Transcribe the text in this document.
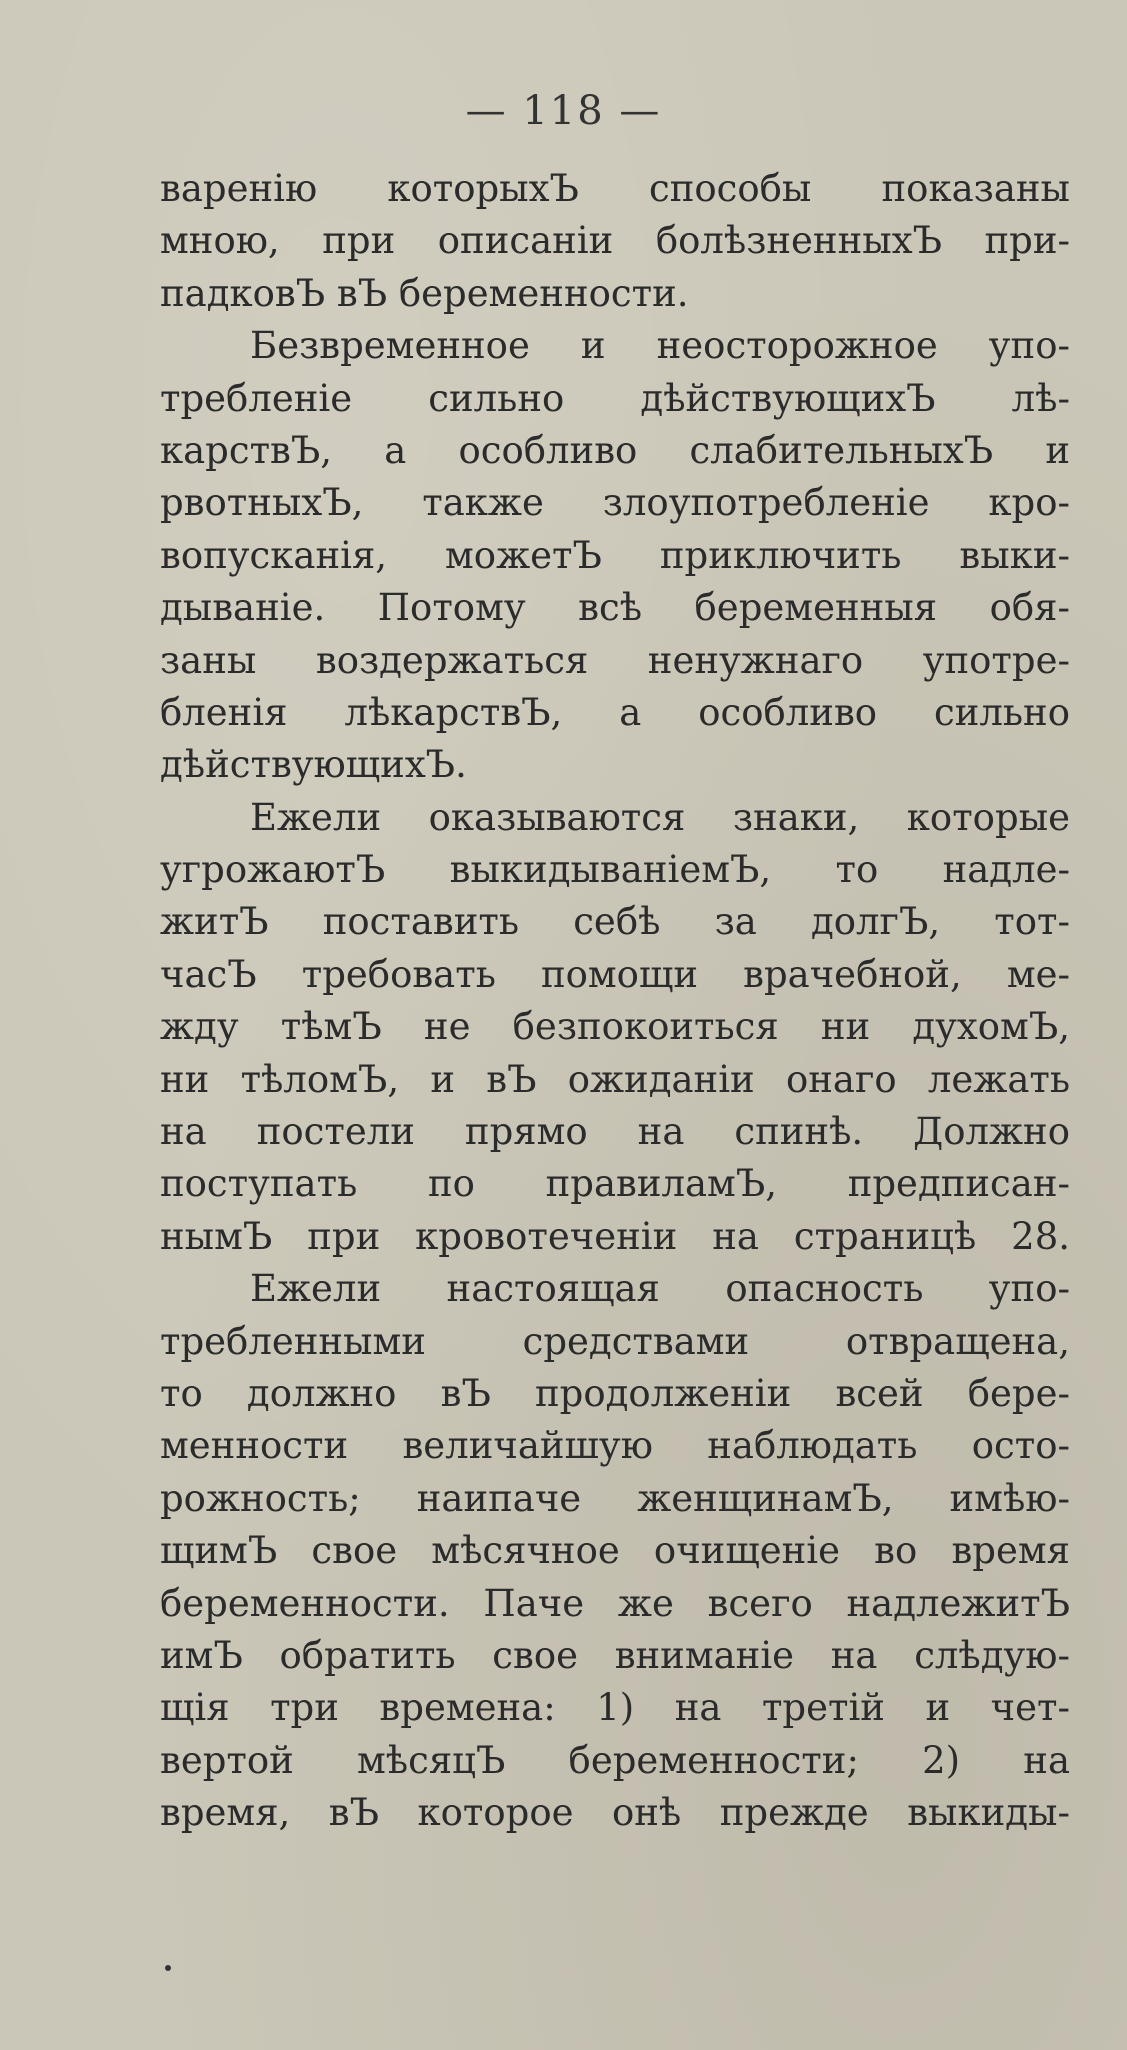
— 118 —
варенію которыхЪ способы показаны
мною, при описаніи болѣзненныхЪ при-
падковЪ вЪ беременности.
Безвременное и неосторожное упо-
требленіе сильно дѣйствующихЪ лѣ-
карствЪ, а особливо слабительныхЪ и
рвотныхЪ, также злоупотребленіе кро-
вопусканія, можетЪ приключить выки-
дываніе. Потому всѣ беременныя обя-
заны воздержаться ненужнаго употре-
бленія лѣкарствЪ, а особливо сильно
дѣйствующихЪ.
Ежели оказываются знаки, которые
угрожаютЪ выкидываніемЪ, то надле-
житЪ поставить себѣ за долгЪ, тот-
часЪ требовать помощи врачебной, ме-
жду тѣмЪ не безпокоиться ни духомЪ,
ни тѣломЪ, и вЪ ожиданіи онаго лежать
на постели прямо на спинѣ. Должно
поступать по правиламЪ, предписан-
нымЪ при кровотеченіи на страницѣ 28.
Ежели настоящая опасность упо-
требленными средствами отвращена,
то должно вЪ продолженіи всей бере-
менности величайшую наблюдать осто-
рожность; наипаче женщинамЪ, имѣю-
щимЪ свое мѣсячное очищеніе во время
беременности. Паче же всего надлежитЪ
имЪ обратить свое вниманіе на слѣдую-
щія три времена: 1) на третій и чет-
вертой мѣсяцЪ беременности; 2) на
время, вЪ которое онѣ прежде выкиды-
